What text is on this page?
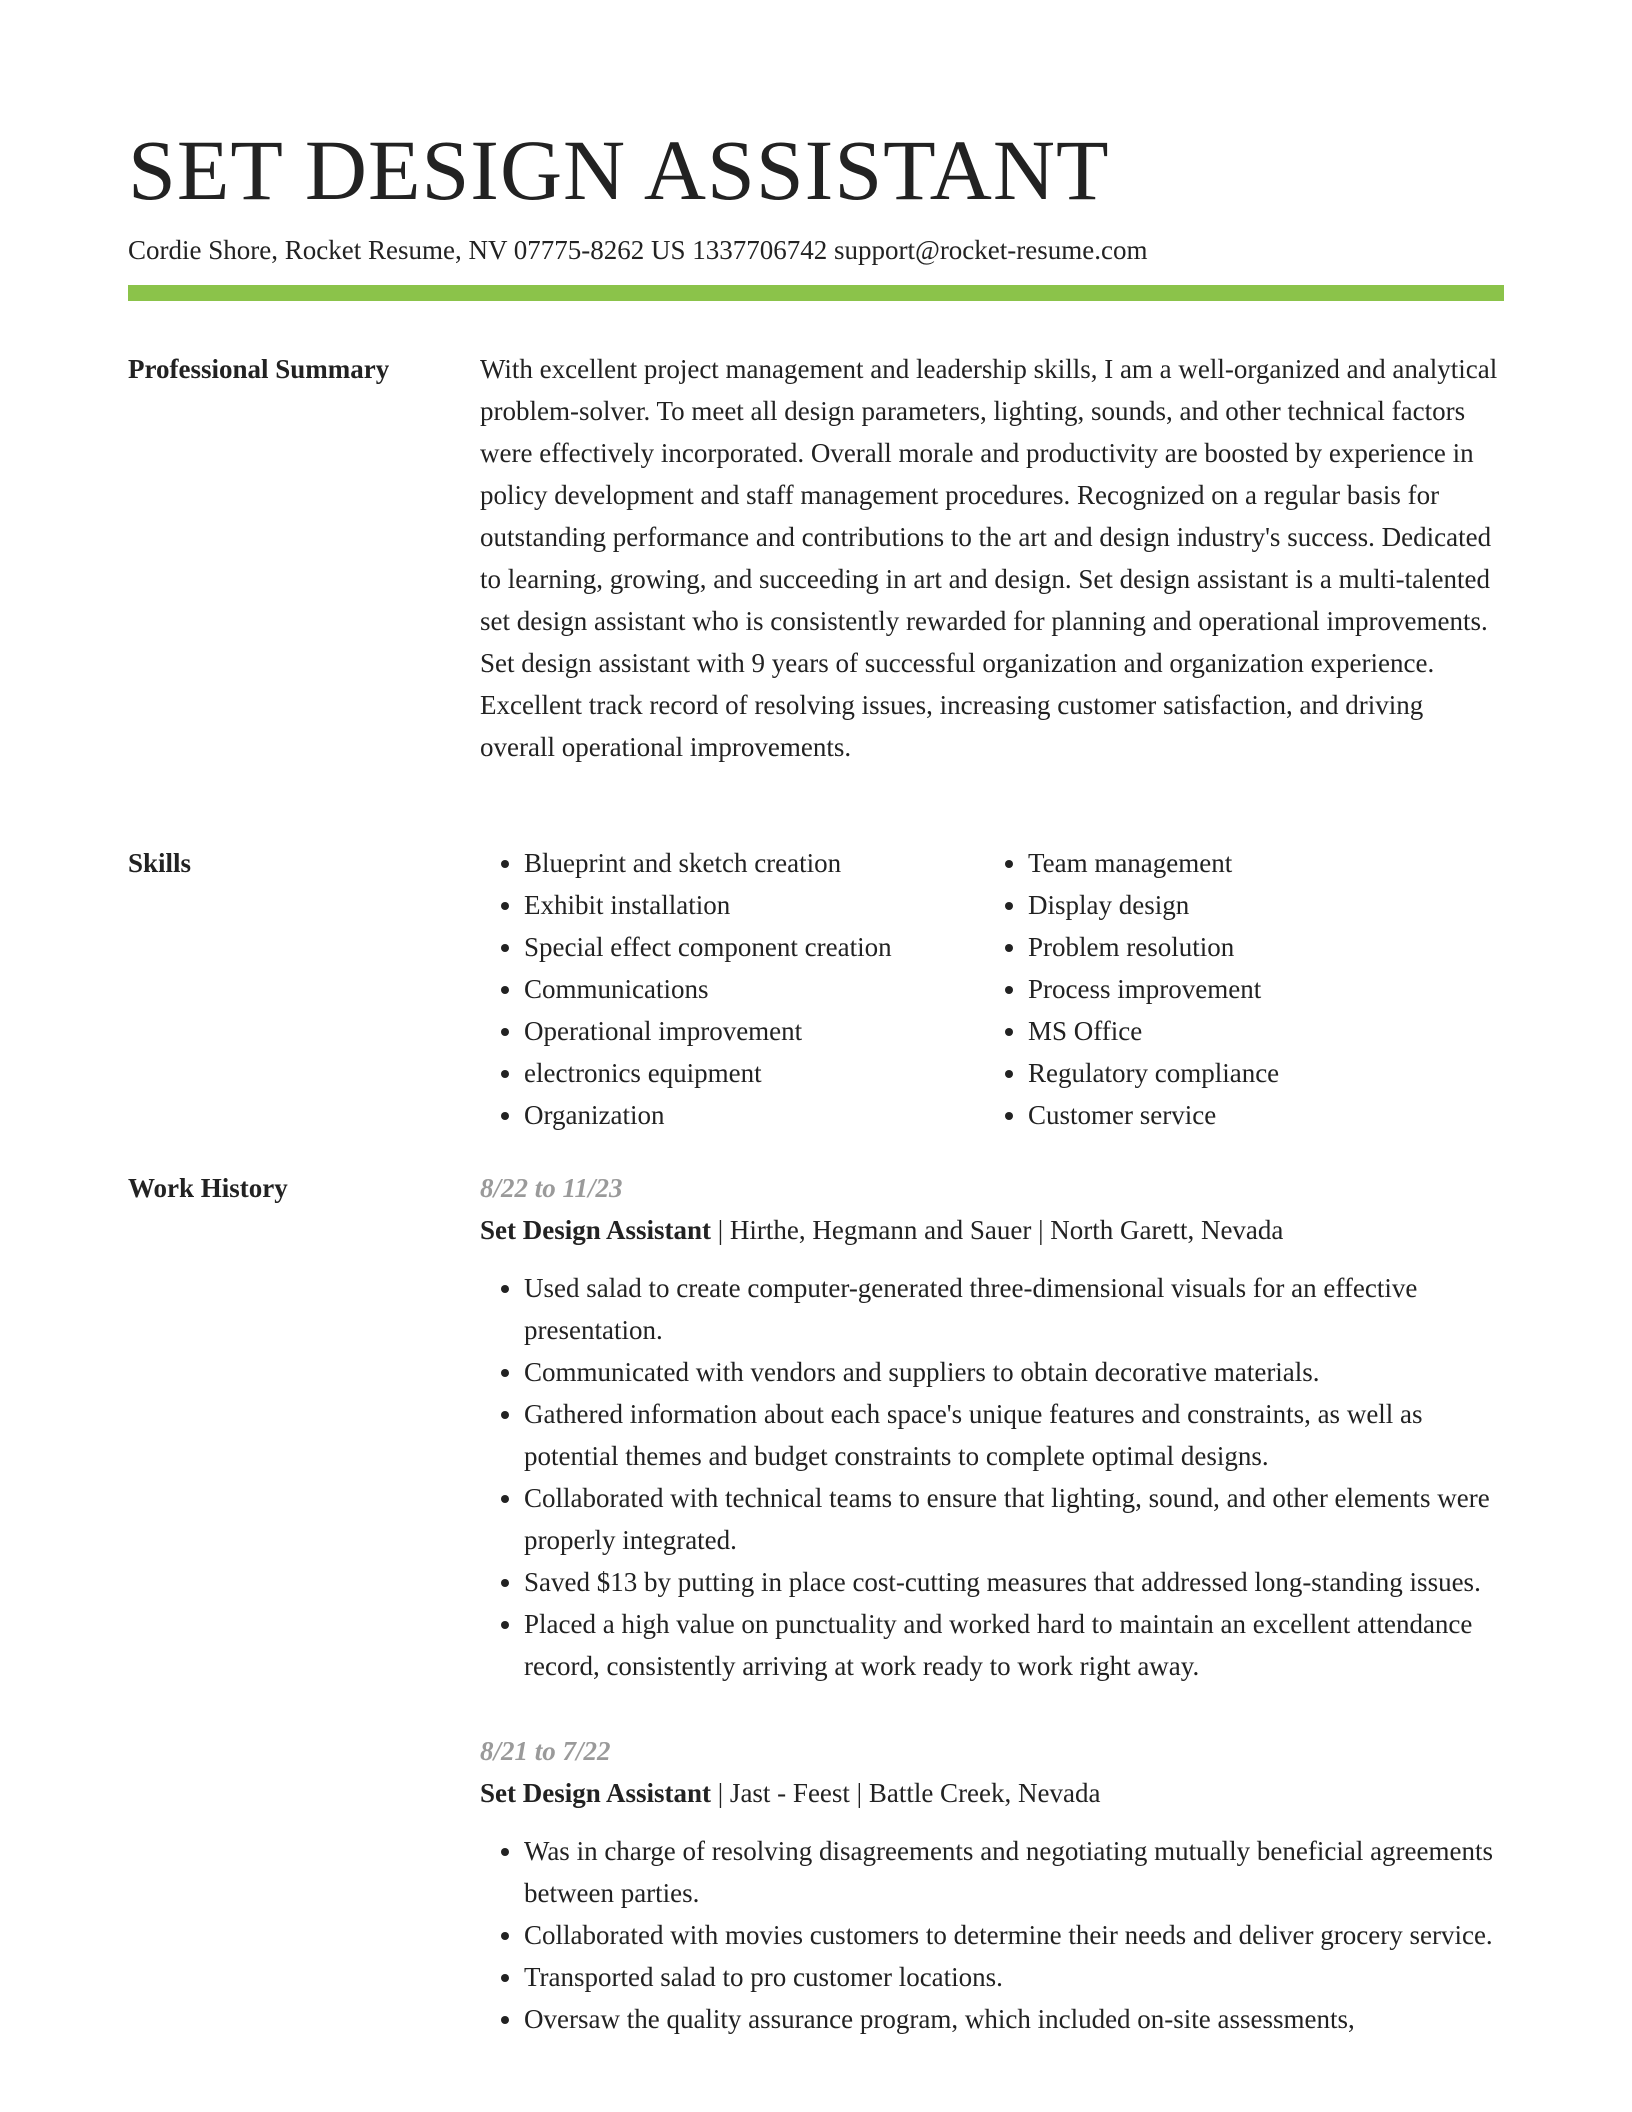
SET DESIGN ASSISTANT
Cordie Shore, Rocket Resume, NV 07775-8262 US 1337706742 support@rocket-resume.com
Professional Summary	With excellent project management and leadership skills, I am a well-organized and analytical problem-solver. To meet all design parameters, lighting, sounds, and other technical factors were effectively incorporated. Overall morale and productivity are boosted by experience in policy development and staff management procedures. Recognized on a regular basis for outstanding performance and contributions to the art and design industry's success. Dedicated to learning, growing, and succeeding in art and design. Set design assistant is a multi-talented set design assistant who is consistently rewarded for planning and operational improvements. Set design assistant with 9 years of successful organization and organization experience. Excellent track record of resolving issues, increasing customer satisfaction, and driving overall operational improvements.

Skills
•	Blueprint and sketch creation
• Exhibit installation
• Special effect component creation
• Communications
• Operational improvement
• electronics equipment
• Organization
• Team management
• Display design
• Problem resolution
• Process improvement
• MS Office
• Regulatory compliance
• Customer service
Work History	8/22 to 11/23
Set Design Assistant | Hirthe, Hegmann and Sauer | North Garett, Nevada
• Used salad to create computer-generated three-dimensional visuals for an effective presentation.
• Communicated with vendors and suppliers to obtain decorative materials.
• Gathered information about each space's unique features and constraints, as well as potential themes and budget constraints to complete optimal designs.
• Collaborated with technical teams to ensure that lighting, sound, and other elements were properly integrated.
• Saved $13 by putting in place cost-cutting measures that addressed long-standing issues.
• Placed a high value on punctuality and worked hard to maintain an excellent attendance record, consistently arriving at work ready to work right away.
8/21 to 7/22
Set Design Assistant | Jast - Feest | Battle Creek, Nevada
• Was in charge of resolving disagreements and negotiating mutually beneficial agreements between parties.
• Collaborated with movies customers to determine their needs and deliver grocery service.
• Transported salad to pro customer locations.
• Oversaw the quality assurance program, which included on-site assessments,
